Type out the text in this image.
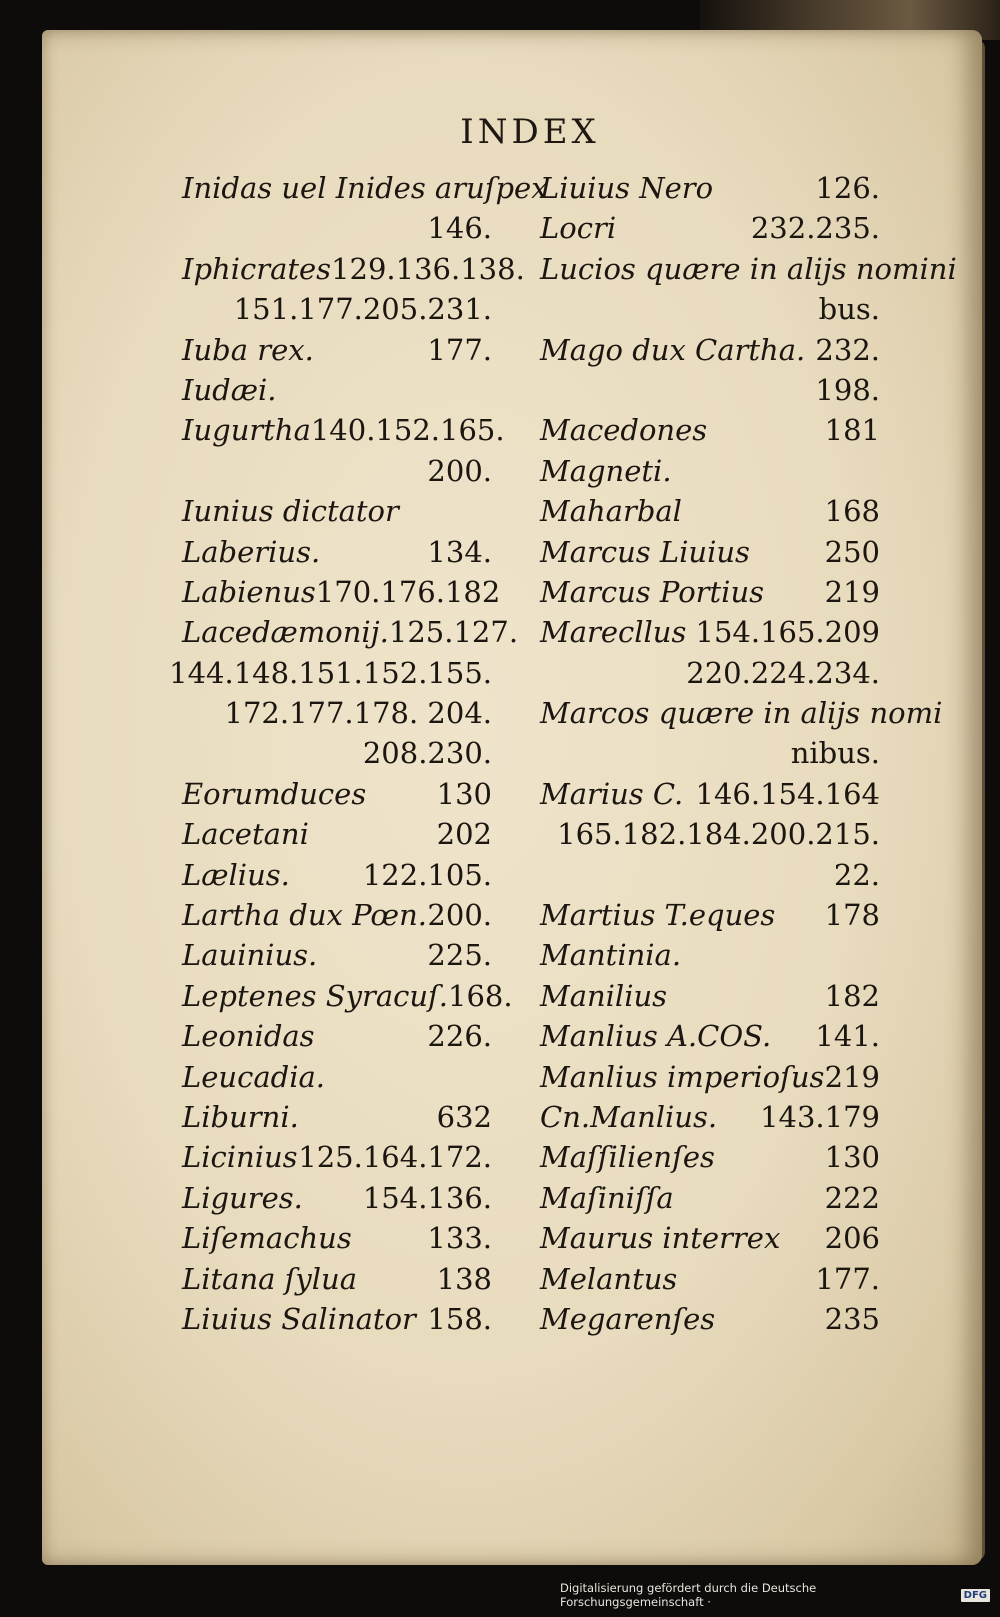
INDEX
Inidas uel Inides aruſpex
146.
Iphicrates 129.136.138.
151.177.205.231.
Iuba rex.	177.
Iudæi.
Iugurtha 140.152.165.
200.
Iunius dictator
Laberius.	134.
Labienus 170.176.182
Lacedæmonij. 125.127.
144.148.151.152.155.
172.177.178. 204.
208.230.
Eorumduces 130
Lacetani	202
Lælius.	122.105.
Lartha dux Pœn. 200.
Lauinius.	225.
Leptenes Syracuſ. 168.
Leonidas	226.
Leucadia.
Liburni.	632
Licinius 125.164.172.
Ligures. 154.136.
Liſemachus	133.
Litana ſylua	138
Liuius Salinator 158.
Liuius Nero	126.
Locri	232.235.
Lucios quære in alijs nomini
bus.
Mago dux Cartha. 232.
198.
Macedones	181
Magneti.
Maharbal	168
Marcus Liuius	250
Marcus Portius 219
Marecllus 154.165.209
220.224.234.
Marcos quære in alijs nomi
nibus.
Marius C. 146.154.164
165.182.184.200.215.
22.
Martius T.eques 178
Mantinia.
Manilius	182
Manlius A.COS. 141.
Manlius imperioſus 219
Cn.Manlius. 143.179
Maſſilienſes	130
Maſiniſſa	222
Maurus interrex 206
Melantus	177.
Megarenſes	235
Digitalisierung gefördert durch die Deutsche Forschungsgemeinschaft ·	DFG
